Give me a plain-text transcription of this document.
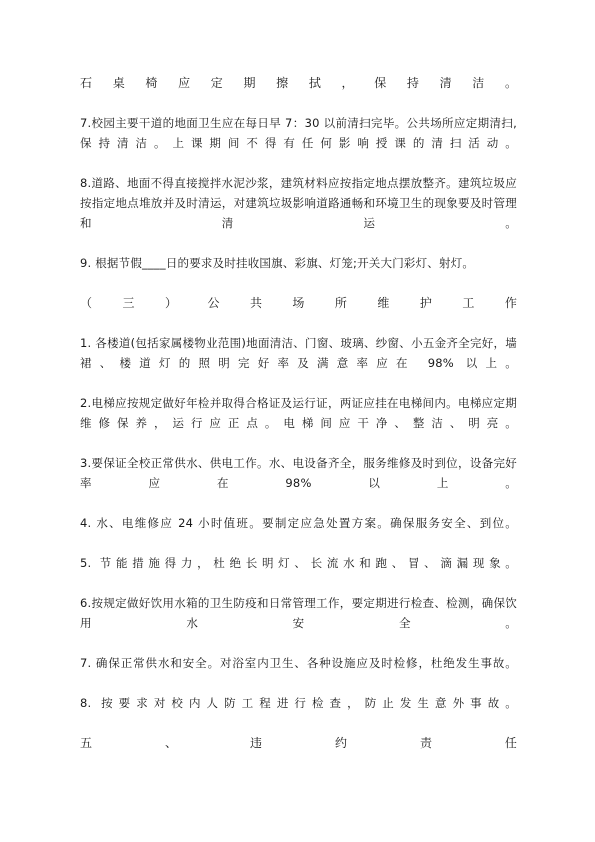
石 桌 椅 应 定 期 擦 拭 ， 保 持 清 洁 。

7.校园主要干道的地面卫生应在每日早 7：30 以前清扫完毕。公共场所应定期清扫,
保持清洁。上课期间不得有任何影响授课的清扫活动。

8.道路、地面不得直接搅拌水泥沙浆，建筑材料应按指定地点摆放整齐。建筑垃圾应
按指定地点堆放并及时清运，对建筑垃圾影响道路通畅和环境卫生的现象要及时管理
和清运。

9. 根据节假____日的要求及时挂收国旗、彩旗、灯笼;开关大门彩灯、射灯。

（	三	）	公	共	场	所	维	护	工	作

1. 各楼道(包括家属楼物业范围)地面清洁、门窗、玻璃、纱窗、小五金齐全完好，墙
裙、楼道灯的照明完好率及满意率应在 98% 以上。

2.电梯应按规定做好年检并取得合格证及运行证，两证应挂在电梯间内。电梯应定期
维修保养，运行应正点。电梯间应干净、整洁、明亮。

3.要保证全校正常供水、供电工作。水、电设备齐全，服务维修及时到位，设备完好
率应在98%以上。

4. 水、电维修应 24 小时值班。要制定应急处置方案。确保服务安全、到位。

5. 节能措施得力，杜绝长明灯、长流水和跑、冒、滴漏现象。

6.按规定做好饮用水箱的卫生防疫和日常管理工作，要定期进行检查、检测，确保饮
用水安全。

7. 确保正常供水和安全。对浴室内卫生、各种设施应及时检修，杜绝发生事故。

8. 按要求对校内人防工程进行检查，防止发生意外事故。

五	、	违	约	责	任
